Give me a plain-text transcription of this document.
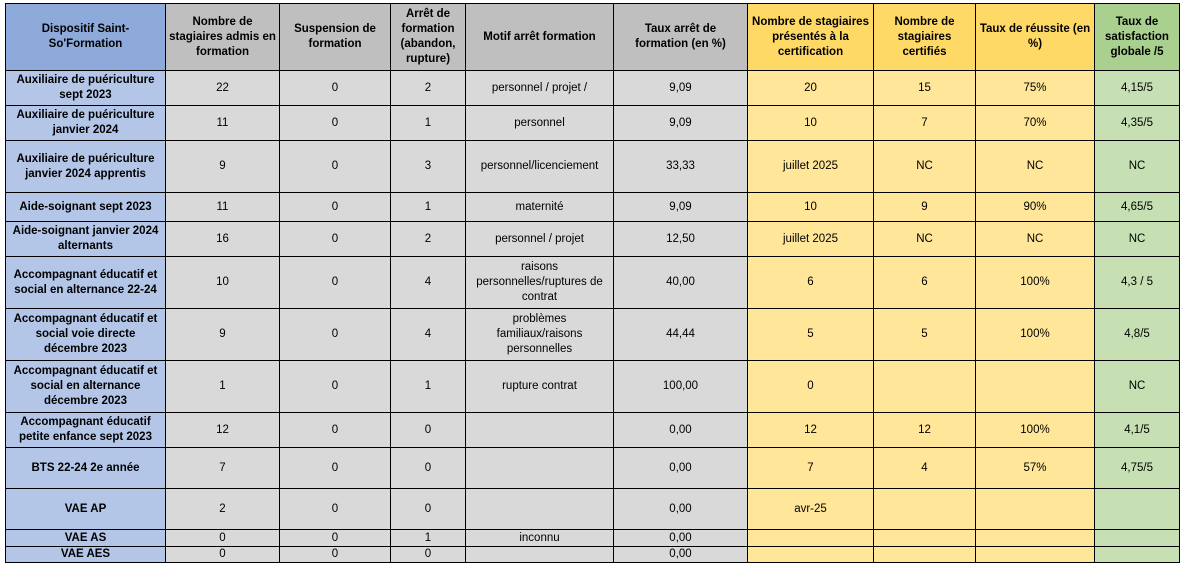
Dispositif Saint-So'Formation	Nombre de stagiaires admis en formation	Suspension de formation	Arrêt de formation (abandon, rupture)	Motif arrêt formation	Taux arrêt de formation (en %)	Nombre de stagiaires présentés à la certification	Nombre de stagiaires certifiés	Taux de réussite (en %)	Taux de satisfaction globale /5
Auxiliaire de puériculture sept 2023	22	0	2	personnel / projet /	9,09	20	15	75%	4,15/5
Auxiliaire de puériculture janvier 2024	11	0	1	personnel	9,09	10	7	70%	4,35/5
Auxiliaire de puériculture janvier 2024 apprentis	9	0	3	personnel/licenciement	33,33	juillet 2025	NC	NC	NC
Aide-soignant sept 2023	11	0	1	maternité	9,09	10	9	90%	4,65/5
Aide-soignant janvier 2024 alternants	16	0	2	personnel / projet	12,50	juillet 2025	NC	NC	NC
Accompagnant éducatif et social en alternance 22-24	10	0	4	raisons personnelles/ruptures de contrat	40,00	6	6	100%	4,3 / 5
Accompagnant éducatif et social voie directe décembre 2023	9	0	4	problèmes familiaux/raisons personnelles	44,44	5	5	100%	4,8/5
Accompagnant éducatif et social en alternance décembre 2023	1	0	1	rupture contrat	100,00	0			NC
Accompagnant éducatif petite enfance sept 2023	12	0	0		0,00	12	12	100%	4,1/5
BTS 22-24 2e année	7	0	0		0,00	7	4	57%	4,75/5
VAE AP	2	0	0		0,00	avr-25			
VAE AS	0	0	1	inconnu	0,00				
VAE AES	0	0	0		0,00				
